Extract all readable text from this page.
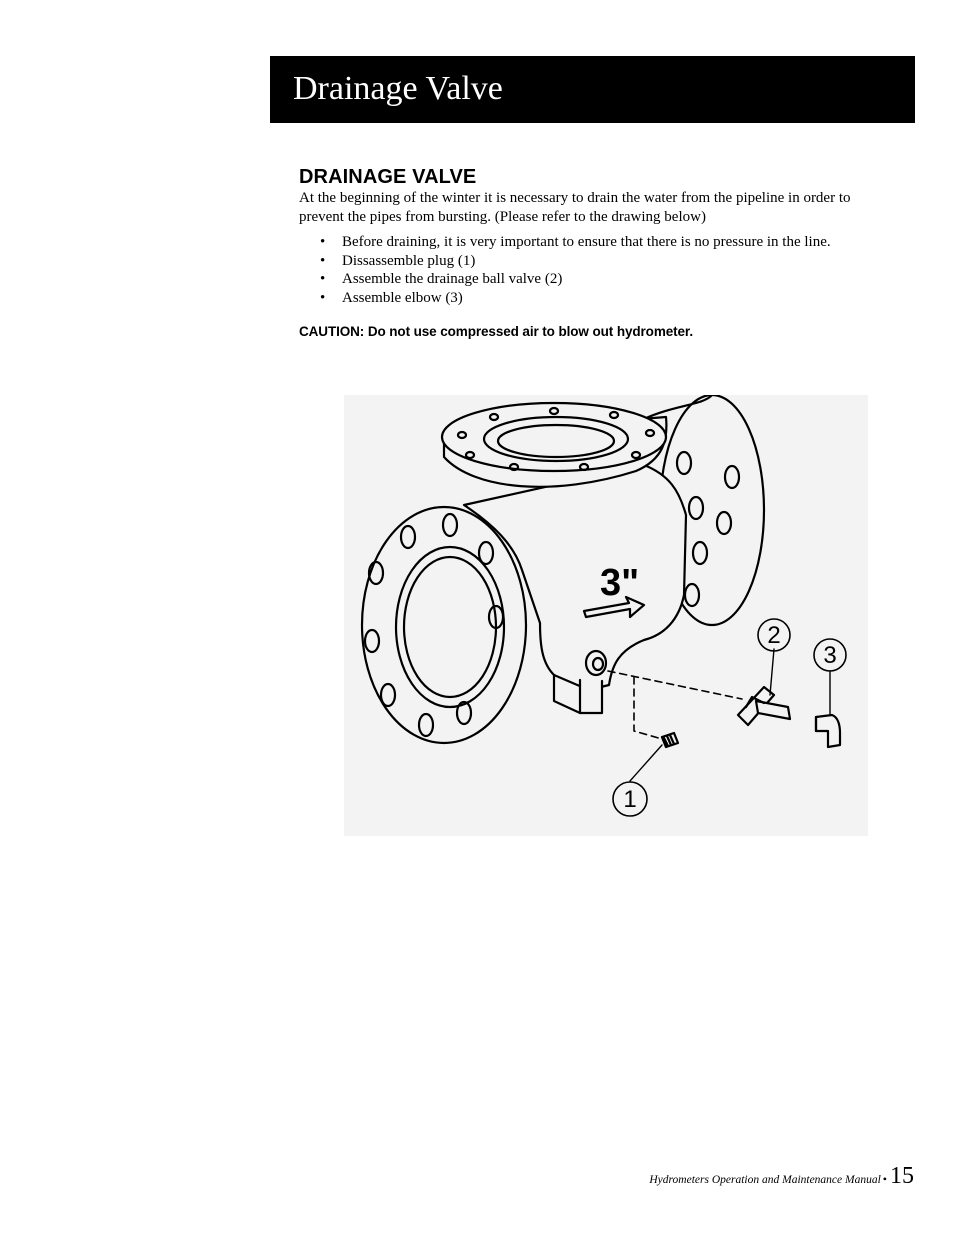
Drainage Valve
DRAINAGE VALVE

At the beginning of the winter it is necessary to drain the water from the pipeline in order to prevent the pipes from bursting. (Please refer to the drawing below)

• Before draining, it is very important to ensure that there is no pressure in the line.
• Dissassemble plug (1)
• Assemble the drainage ball valve (2)
• Assemble elbow (3)
CAUTION: Do not use compressed air to blow out hydrometer.
3"
1
2
3
Hydrometers Operation and Maintenance Manual • 15
